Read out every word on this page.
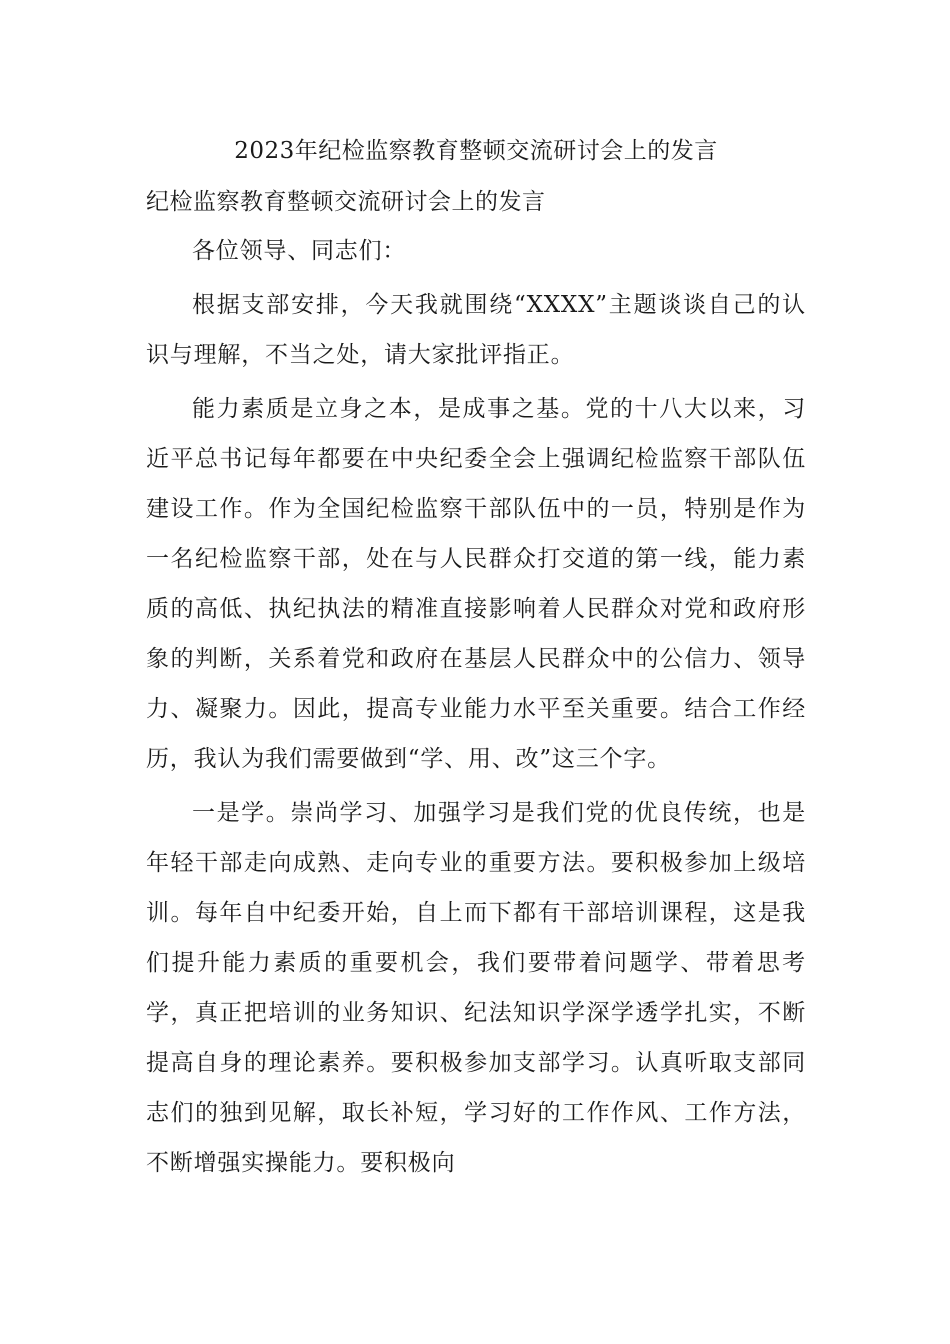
2023年纪检监察教育整顿交流研讨会上的发言
纪检监察教育整顿交流研讨会上的发言

各位领导、同志们：

根据支部安排，今天我就围绕“XXXX”主题谈谈自己的认识与理解，不当之处，请大家批评指正。

能力素质是立身之本，是成事之基。党的十八大以来，习近平总书记每年都要在中央纪委全会上强调纪检监察干部队伍建设工作。作为全国纪检监察干部队伍中的一员，特别是作为一名纪检监察干部，处在与人民群众打交道的第一线，能力素质的高低、执纪执法的精准直接影响着人民群众对党和政府形象的判断，关系着党和政府在基层人民群众中的公信力、领导力、凝聚力。因此，提高专业能力水平至关重要。结合工作经历，我认为我们需要做到“学、用、改”这三个字。

一是学。崇尚学习、加强学习是我们党的优良传统，也是年轻干部走向成熟、走向专业的重要方法。要积极参加上级培训。每年自中纪委开始，自上而下都有干部培训课程，这是我们提升能力素质的重要机会，我们要带着问题学、带着思考学，真正把培训的业务知识、纪法知识学深学透学扎实，不断提高自身的理论素养。要积极参加支部学习。认真听取支部同志们的独到见解，取长补短，学习好的工作作风、工作方法，不断增强实操能力。要积极向
